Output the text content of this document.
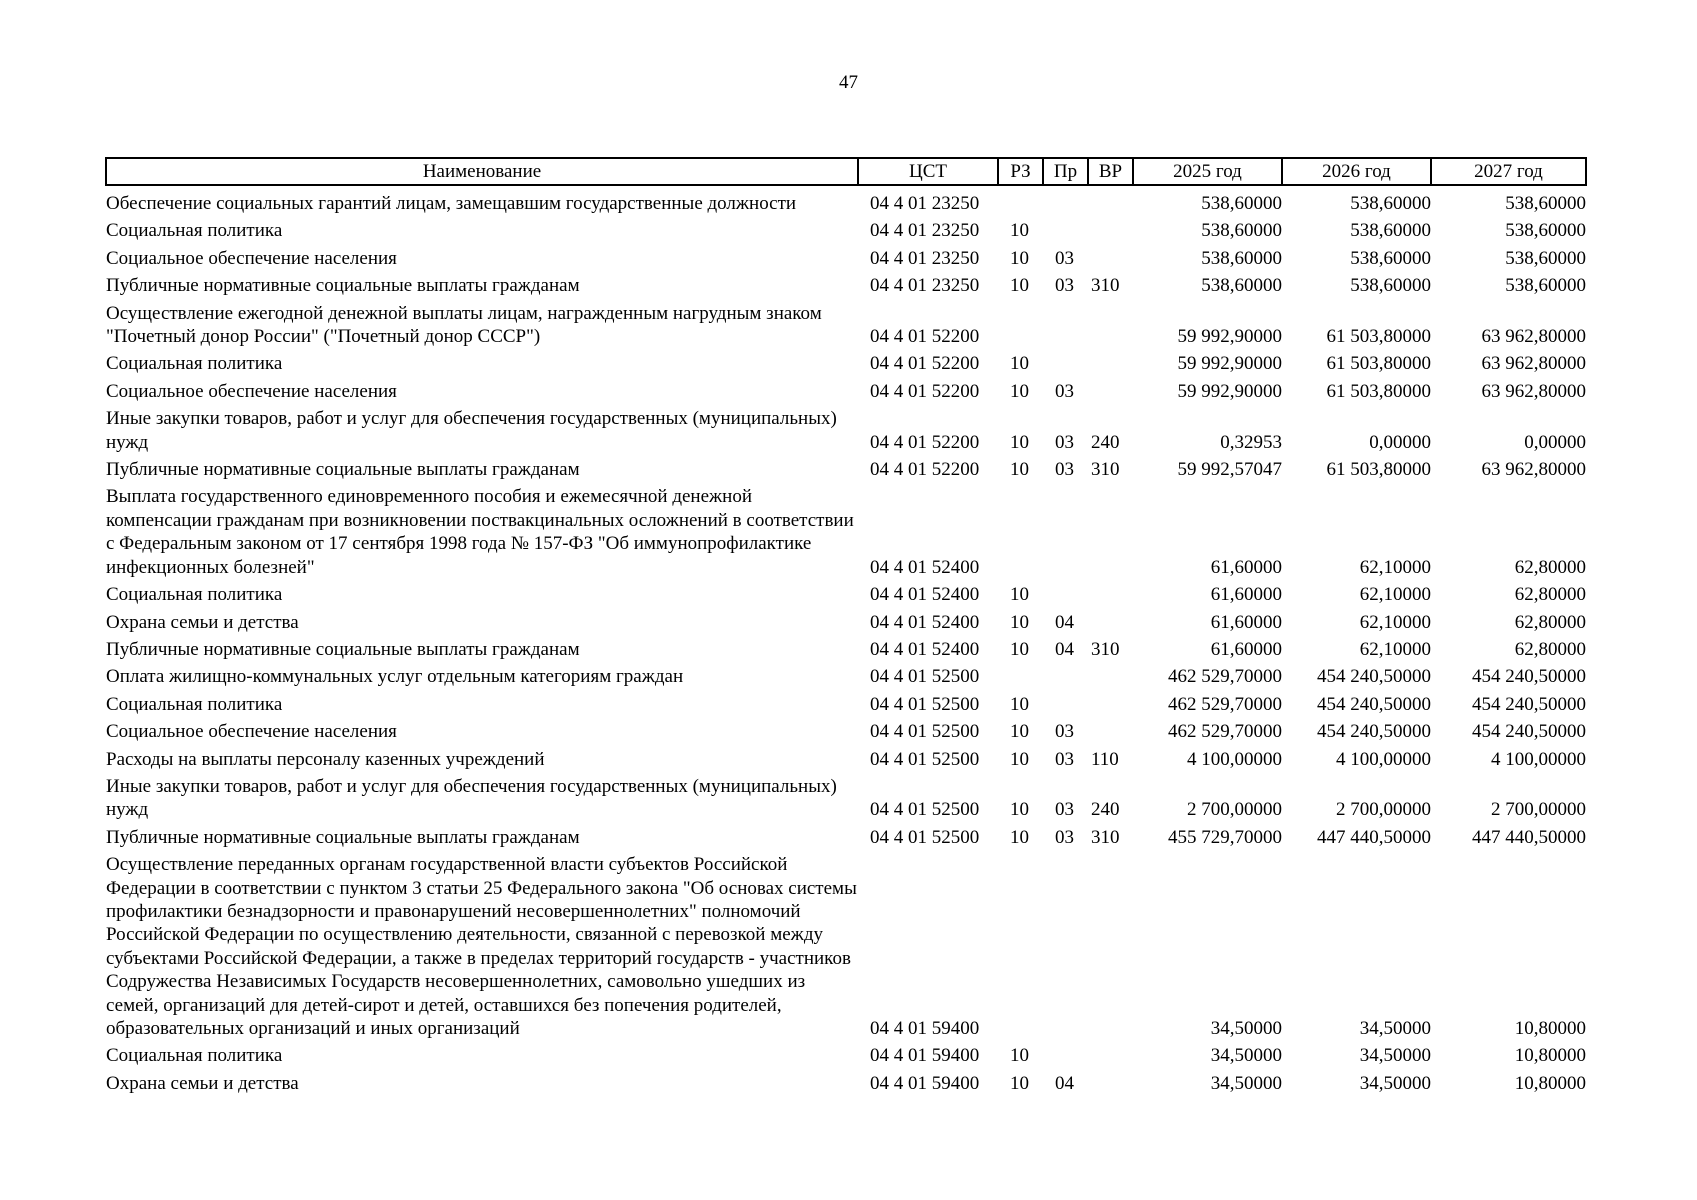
47
Наименование	ЦСТ	РЗ	Пр	ВР	2025 год	2026 год	2027 год
Обеспечение социальных гарантий лицам, замещавшим государственные должности	04 4 01 23250				538,60000	538,60000	538,60000
Социальная политика	04 4 01 23250	10			538,60000	538,60000	538,60000
Социальное обеспечение населения	04 4 01 23250	10	03		538,60000	538,60000	538,60000
Публичные нормативные социальные выплаты гражданам	04 4 01 23250	10	03	310	538,60000	538,60000	538,60000
Осуществление ежегодной денежной выплаты лицам, награжденным нагрудным знаком "Почетный донор России" ("Почетный донор СССР")	04 4 01 52200				59 992,90000	61 503,80000	63 962,80000
Социальная политика	04 4 01 52200	10			59 992,90000	61 503,80000	63 962,80000
Социальное обеспечение населения	04 4 01 52200	10	03		59 992,90000	61 503,80000	63 962,80000
Иные закупки товаров, работ и услуг для обеспечения государственных (муниципальных) нужд	04 4 01 52200	10	03	240	0,32953	0,00000	0,00000
Публичные нормативные социальные выплаты гражданам	04 4 01 52200	10	03	310	59 992,57047	61 503,80000	63 962,80000
Выплата государственного единовременного пособия и ежемесячной денежной компенсации гражданам при возникновении поствакцинальных осложнений в соответствии с Федеральным законом от 17 сентября 1998 года № 157-ФЗ "Об иммунопрофилактике инфекционных болезней"	04 4 01 52400				61,60000	62,10000	62,80000
Социальная политика	04 4 01 52400	10			61,60000	62,10000	62,80000
Охрана семьи и детства	04 4 01 52400	10	04		61,60000	62,10000	62,80000
Публичные нормативные социальные выплаты гражданам	04 4 01 52400	10	04	310	61,60000	62,10000	62,80000
Оплата жилищно-коммунальных услуг отдельным категориям граждан	04 4 01 52500				462 529,70000	454 240,50000	454 240,50000
Социальная политика	04 4 01 52500	10			462 529,70000	454 240,50000	454 240,50000
Социальное обеспечение населения	04 4 01 52500	10	03		462 529,70000	454 240,50000	454 240,50000
Расходы на выплаты персоналу казенных учреждений	04 4 01 52500	10	03	110	4 100,00000	4 100,00000	4 100,00000
Иные закупки товаров, работ и услуг для обеспечения государственных (муниципальных) нужд	04 4 01 52500	10	03	240	2 700,00000	2 700,00000	2 700,00000
Публичные нормативные социальные выплаты гражданам	04 4 01 52500	10	03	310	455 729,70000	447 440,50000	447 440,50000
Осуществление переданных органам государственной власти субъектов Российской Федерации в соответствии с пунктом 3 статьи 25 Федерального закона "Об основах системы профилактики безнадзорности и правонарушений несовершеннолетних" полномочий Российской Федерации по осуществлению деятельности, связанной с перевозкой между субъектами Российской Федерации, а также в пределах территорий государств - участников Содружества Независимых Государств несовершеннолетних, самовольно ушедших из семей, организаций для детей-сирот и детей, оставшихся без попечения родителей, образовательных организаций и иных организаций	04 4 01 59400				34,50000	34,50000	10,80000
Социальная политика	04 4 01 59400	10			34,50000	34,50000	10,80000
Охрана семьи и детства	04 4 01 59400	10	04		34,50000	34,50000	10,80000
